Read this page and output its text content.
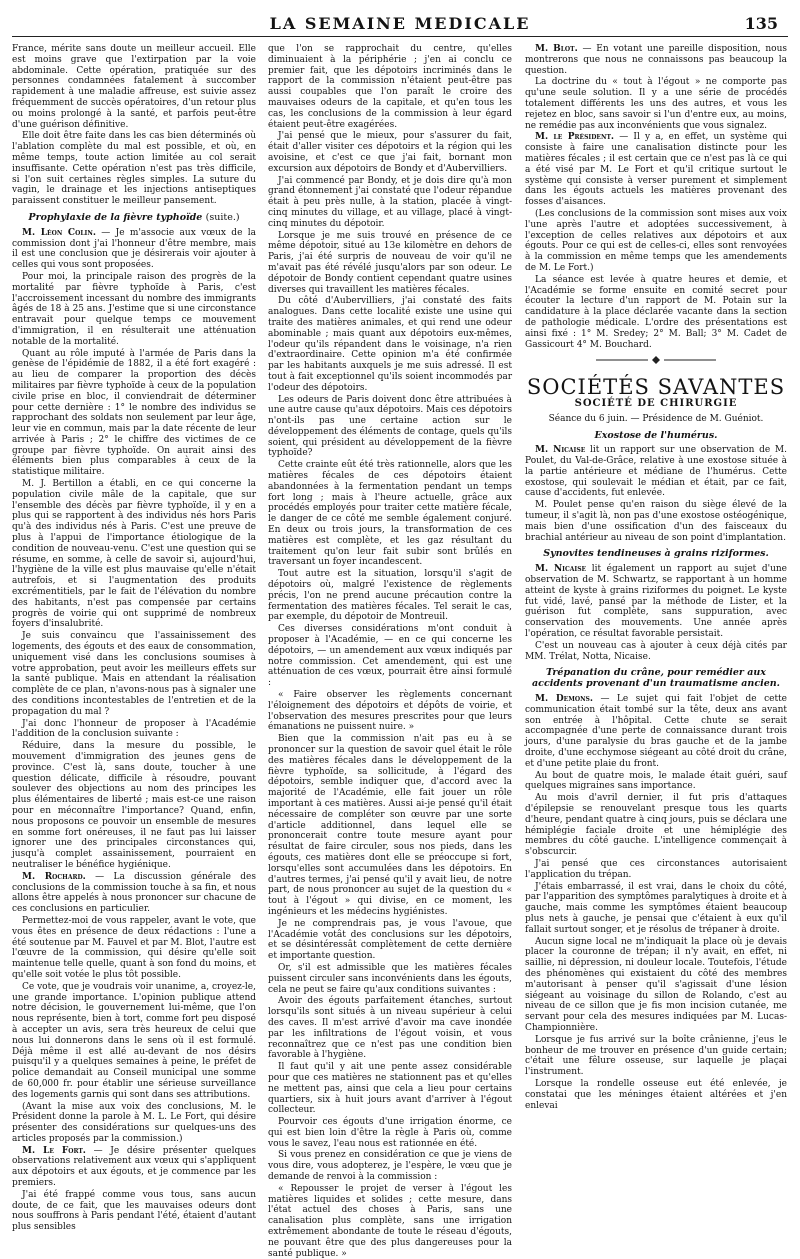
LA SEMAINE MEDICALE	135

France, mérite sans doute un meilleur accueil. Elle est moins grave que l'extirpation par la voie abdominale. Cette opération, pratiquée sur des personnes condamnées fatalement à succomber rapidement à une maladie affreuse, est suivie assez fréquemment de succès opératoires, d'un retour plus ou moins prolongé à la santé, et parfois peut-être d'une guérison définitive.

Elle doit être faite dans les cas bien déterminés où l'ablation complète du mal est possible, et où, en même temps, toute action limitée au col serait insuffisante. Cette opération n'est pas très difficile, si l'on suit certaines règles simples. La suture du vagin, le drainage et les injections antiseptiques paraissent constituer le meilleur pansement.

Prophylaxie de la fièvre typhoïde (suite.)

M. Léon Colin. — Je m'associe aux vœux de la commission dont j'ai l'honneur d'être membre, mais il est une conclusion que je désirerais voir ajouter à celles qui vous sont proposées.

Pour moi, la principale raison des progrès de la mortalité par fièvre typhoïde à Paris, c'est l'accroissement incessant du nombre des immigrants âgés de 18 à 25 ans. J'estime que si une circonstance entravait pour quelque temps ce mouvement d'immigration, il en résulterait une atténuation notable de la mortalité.

Quant au rôle imputé à l'armée de Paris dans la genèse de l'épidémie de 1882, il a été fort exagéré : au lieu de comparer la proportion des décès militaires par fièvre typhoïde à ceux de la population civile prise en bloc, il conviendrait de déterminer pour cette dernière : 1° le nombre des individus se rapprochant des soldats non seulement par leur âge, leur vie en commun, mais par la date récente de leur arrivée à Paris ; 2° le chiffre des victimes de ce groupe par fièvre typhoïde. On aurait ainsi des éléments bien plus comparables à ceux de la statistique militaire.

M. J. Bertillon a établi, en ce qui concerne la population civile mâle de la capitale, que sur l'ensemble des décès par fièvre typhoïde, il y en a plus qui se rapportent à des individus nés hors Paris qu'à des individus nés à Paris. C'est une preuve de plus à l'appui de l'importance étiologique de la condition de nouveau-venu. C'est une question qui se résume, en somme, à celle de savoir si, aujourd'hui, l'hygiène de la ville est plus mauvaise qu'elle n'était autrefois, et si l'augmentation des produits excrémentitiels, par le fait de l'élévation du nombre des habitants, n'est pas compensée par certains progrès de voirie qui ont supprimé de nombreux foyers d'insalubrité.

Je suis convaincu que l'assainissement des logements, des égouts et des eaux de consommation, uniquement visé dans les conclusions soumises à votre approbation, peut avoir les meilleurs effets sur la santé publique. Mais en attendant la réalisation complète de ce plan, n'avons-nous pas à signaler une des conditions incontestables de l'entretien et de la propagation du mal ?

J'ai donc l'honneur de proposer à l'Académie l'addition de la conclusion suivante :

Réduire, dans la mesure du possible, le mouvement d'immigration des jeunes gens de province. C'est là, sans doute, toucher à une question délicate, difficile à résoudre, pouvant soulever des objections au nom des principes les plus élémentaires de liberté ; mais est-ce une raison pour en méconnaître l'importance? Quand, enfin, nous proposons ce pouvoir un ensemble de mesures en somme fort onéreuses, il ne faut pas lui laisser ignorer une des principales circonstances qui, jusqu'à complet assainissement, pourraient en neutraliser le bénéfice hygiénique.

M. Rochard. — La discussion générale des conclusions de la commission touche à sa fin, et nous allons être appelés à nous prononcer sur chacune de ces conclusions en particulier.

Permettez-moi de vous rappeler, avant le vote, que vous êtes en présence de deux rédactions : l'une a été soutenue par M. Fauvel et par M. Blot, l'autre est l'œuvre de la commission, qui désire qu'elle soit maintenue telle quelle, quant à son fond du moins, et qu'elle soit votée le plus tôt possible.

Ce vote, que je voudrais voir unanime, a, croyez-le, une grande importance. L'opinion publique attend notre décision, le gouvernement lui-même, que l'on nous représente, bien à tort, comme fort peu disposé à accepter un avis, sera très heureux de celui que nous lui donnerons dans le sens où il est formulé. Déjà même il est allé au-devant de nos désirs puisqu'il y a quelques semaines à peine, le préfet de police demandait au Conseil municipal une somme de 60,000 fr. pour établir une sérieuse surveillance des logements garnis qui sont dans ses attributions.

(Avant la mise aux voix des conclusions, M. le Président donne la parole à M. L. Le Fort, qui désire présenter des considérations sur quelques-uns des articles proposés par la commission.)

M. Le Fort. — Je désire présenter quelques observations relativement aux vœux qui s'appliquent aux dépotoirs et aux égouts, et je commence par les premiers.

J'ai été frappé comme vous tous, sans aucun doute, de ce fait, que les mauvaises odeurs dont nous souffrons à Paris pendant l'été, étaient d'autant plus sensibles

que l'on se rapprochait du centre, qu'elles diminuaient à la périphérie ; j'en ai conclu ce premier fait, que les dépotoirs incriminés dans le rapport de la commission n'étaient peut-être pas aussi coupables que l'on paraît le croire des mauvaises odeurs de la capitale, et qu'en tous les cas, les conclusions de la commission à leur égard étaient peut-être exagérées.

J'ai pensé que le mieux, pour s'assurer du fait, était d'aller visiter ces dépotoirs et la région qui les avoisine, et c'est ce que j'ai fait, bornant mon excursion aux dépotoirs de Bondy et d'Aubervilliers.

J'ai commencé par Bondy, et je dois dire qu'à mon grand étonnement j'ai constaté que l'odeur répandue était à peu près nulle, à la station, placée à vingt-cinq minutes du village, et au village, placé à vingt-cinq minutes du dépotoir.

Lorsque je me suis trouvé en présence de ce même dépotoir, situé au 13e kilomètre en dehors de Paris, j'ai été surpris de nouveau de voir qu'il ne m'avait pas été révélé jusqu'alors par son odeur. Le dépotoir de Bondy contient cependant quatre usines diverses qui travaillent les matières fécales.

Du côté d'Aubervilliers, j'ai constaté des faits analogues. Dans cette localité existe une usine qui traite des matières animales, et qui rend une odeur abominable ; mais quant aux dépotoirs eux-mêmes, l'odeur qu'ils répandent dans le voisinage, n'a rien d'extraordinaire. Cette opinion m'a été confirmée par les habitants auxquels je me suis adressé. Il est tout à fait exceptionnel qu'ils soient incommodés par l'odeur des dépotoirs.

Les odeurs de Paris doivent donc être attribuées à une autre cause qu'aux dépotoirs. Mais ces dépotoirs n'ont-ils pas une certaine action sur le développement des éléments de contage, quels qu'ils soient, qui président au développement de la fièvre typhoïde?

Cette crainte eût été très rationnelle, alors que les matières fécales de ces dépotoirs étaient abandonnées à la fermentation pendant un temps fort long ; mais à l'heure actuelle, grâce aux procédés employés pour traiter cette matière fécale, le danger de ce côté me semble également conjuré. En deux ou trois jours, la transformation de ces matières est complète, et les gaz résultant du traitement qu'on leur fait subir sont brûlés en traversant un foyer incandescent.

Tout autre est la situation, lorsqu'il s'agit de dépotoirs où, malgré l'existence de règlements précis, l'on ne prend aucune précaution contre la fermentation des matières fécales. Tel serait le cas, par exemple, du dépotoir de Montreuil.

Ces diverses considérations m'ont conduit à proposer à l'Académie, — en ce qui concerne les dépotoirs, — un amendement aux vœux indiqués par notre commission. Cet amendement, qui est une atténuation de ces vœux, pourrait être ainsi formulé :

« Faire observer les règlements concernant l'éloignement des dépotoirs et dépôts de voirie, et l'observation des mesures prescrites pour que leurs émanations ne puissent nuire. »

Bien que la commission n'ait pas eu à se prononcer sur la question de savoir quel était le rôle des matières fécales dans le développement de la fièvre typhoïde, sa sollicitude, à l'égard des dépotoirs, semble indiquer que, d'accord avec la majorité de l'Académie, elle fait jouer un rôle important à ces matières. Aussi ai-je pensé qu'il était nécessaire de compléter son œuvre par une sorte d'article additionnel, dans lequel elle se prononcerait contre toute mesure ayant pour résultat de faire circuler, sous nos pieds, dans les égouts, ces matières dont elle se préoccupe si fort, lorsqu'elles sont accumulées dans les dépotoirs. En d'autres termes, j'ai pensé qu'il y avait lieu, de notre part, de nous prononcer au sujet de la question du « tout à l'égout » qui divise, en ce moment, les ingénieurs et les médecins hygiénistes.

Je ne comprendrais pas, je vous l'avoue, que l'Académie votât des conclusions sur les dépotoirs, et se désintéressât complètement de cette dernière et importante question.

Or, s'il est admissible que les matières fécales puissent circuler sans inconvénients dans les égouts, cela ne peut se faire qu'aux conditions suivantes :

Avoir des égouts parfaitement étanches, surtout lorsqu'ils sont situés à un niveau supérieur à celui des caves. Il m'est arrivé d'avoir ma cave inondée par les infiltrations de l'égout voisin, et vous reconnaîtrez que ce n'est pas une condition bien favorable à l'hygiène.

Il faut qu'il y ait une pente assez considérable pour que ces matières ne stationnent pas et qu'elles ne mettent pas, ainsi que cela a lieu pour certains quartiers, six à huit jours avant d'arriver à l'égout collecteur.

Pourvoir ces égouts d'une irrigation énorme, ce qui est bien loin d'être la règle à Paris où, comme vous le savez, l'eau nous est rationnée en été.

Si vous prenez en considération ce que je viens de vous dire, vous adopterez, je l'espère, le vœu que je demande de renvoi à la commission :

« Repousser le projet de verser à l'égout les matières liquides et solides ; cette mesure, dans l'état actuel des choses à Paris, sans une canalisation plus complète, sans une irrigation extrêmement abondante de toute le réseau d'égouts, ne pouvant être que des plus dangereuses pour la santé publique. »

M. Blot. — En votant une pareille disposition, nous montrerons que nous ne connaissons pas beaucoup la question.

La doctrine du « tout à l'égout » ne comporte pas qu'une seule solution. Il y a une série de procédés totalement différents les uns des autres, et vous les rejetez en bloc, sans savoir si l'un d'entre eux, au moins, ne remédie pas aux inconvénients que vous signalez.

M. le Président. — Il y a, en effet, un système qui consiste à faire une canalisation distincte pour les matières fécales ; il est certain que ce n'est pas là ce qui a été visé par M. Le Fort et qu'il critique surtout le système qui consiste à verser purement et simplement dans les égouts actuels les matières provenant des fosses d'aisances.

(Les conclusions de la commission sont mises aux voix l'une après l'autre et adoptées successivement, à l'exception de celles relatives aux dépotoirs et aux égouts. Pour ce qui est de celles-ci, elles sont renvoyées à la commission en même temps que les amendements de M. Le Fort.)

La séance est levée à quatre heures et demie, et l'Académie se forme ensuite en comité secret pour écouter la lecture d'un rapport de M. Potain sur la candidature à la place déclarée vacante dans la section de pathologie médicale. L'ordre des présentations est ainsi fixé : 1° M. Sredey; 2° M. Ball; 3° M. Cadet de Gassicourt 4° M. Bouchard.

SOCIÉTÉS SAVANTES
SOCIÉTÉ DE CHIRURGIE
Séance du 6 juin. — Présidence de M. Guéniot.
Exostose de l'humérus.

M. Nicaise lit un rapport sur une observation de M. Poulet, du Val-de-Grâce, relative à une exostose située à la partie antérieure et médiane de l'humérus. Cette exostose, qui soulevait le médian et était, par ce fait, cause d'accidents, fut enlevée.

M. Poulet pense qu'en raison du siège élevé de la tumeur, il s'agit là, non pas d'une exostose ostéogénique, mais bien d'une ossification d'un des faisceaux du brachial antérieur au niveau de son point d'implantation.

Synovites tendineuses à grains riziformes.

M. Nicaise lit également un rapport au sujet d'une observation de M. Schwartz, se rapportant à un homme atteint de kyste à grains riziformes du poignet. Le kyste fut vidé, lavé, pansé par la méthode de Lister, et la guérison fut complète, sans suppuration, avec conservation des mouvements. Une année après l'opération, ce résultat favorable persistait.

C'est un nouveau cas à ajouter à ceux déjà cités par MM. Trélat, Notta, Nicaise.

Trépanation du crâne, pour remédier aux accidents provenant d'un traumatisme ancien.

M. Demons. — Le sujet qui fait l'objet de cette communication était tombé sur la tête, deux ans avant son entrée à l'hôpital. Cette chute se serait accompagnée d'une perte de connaissance durant trois jours, d'une paralysie du bras gauche et de la jambe droite, d'une ecchymose siégeant au côté droit du crâne, et d'une petite plaie du front.

Au bout de quatre mois, le malade était guéri, sauf quelques migraines sans importance.

Au mois d'avril dernier, il fut pris d'attaques d'épilepsie se renouvelant presque tous les quarts d'heure, pendant quatre à cinq jours, puis se déclara une hémiplégie faciale droite et une hémiplégie des membres du côté gauche. L'intelligence commençait à s'obscurcir.

J'ai pensé que ces circonstances autorisaient l'application du trépan.

J'étais embarrassé, il est vrai, dans le choix du côté, par l'apparition des symptômes paralytiques à droite et à gauche, mais comme les symptômes étaient beaucoup plus nets à gauche, je pensai que c'étaient à eux qu'il fallait surtout songer, et je résolus de trépaner à droite.

Aucun signe local ne m'indiquait la place où je devais placer la couronne de trépan; il n'y avait, en effet, ni saillie, ni dépression, ni douleur locale. Toutefois, l'étude des phénomènes qui existaient du côté des membres m'autorisant à penser qu'il s'agissait d'une lésion siégeant au voisinage du sillon de Rolando, c'est au niveau de ce sillon que je fis mon incision cutanée, me servant pour cela des mesures indiquées par M. Lucas-Championnière.

Lorsque je fus arrivé sur la boîte crânienne, j'eus le bonheur de me trouver en présence d'un guide certain; c'était une fêlure osseuse, sur laquelle je plaçai l'instrument.

Lorsque la rondelle osseuse eut été enlevée, je constatai que les méninges étaient altérées et j'en enlevai
